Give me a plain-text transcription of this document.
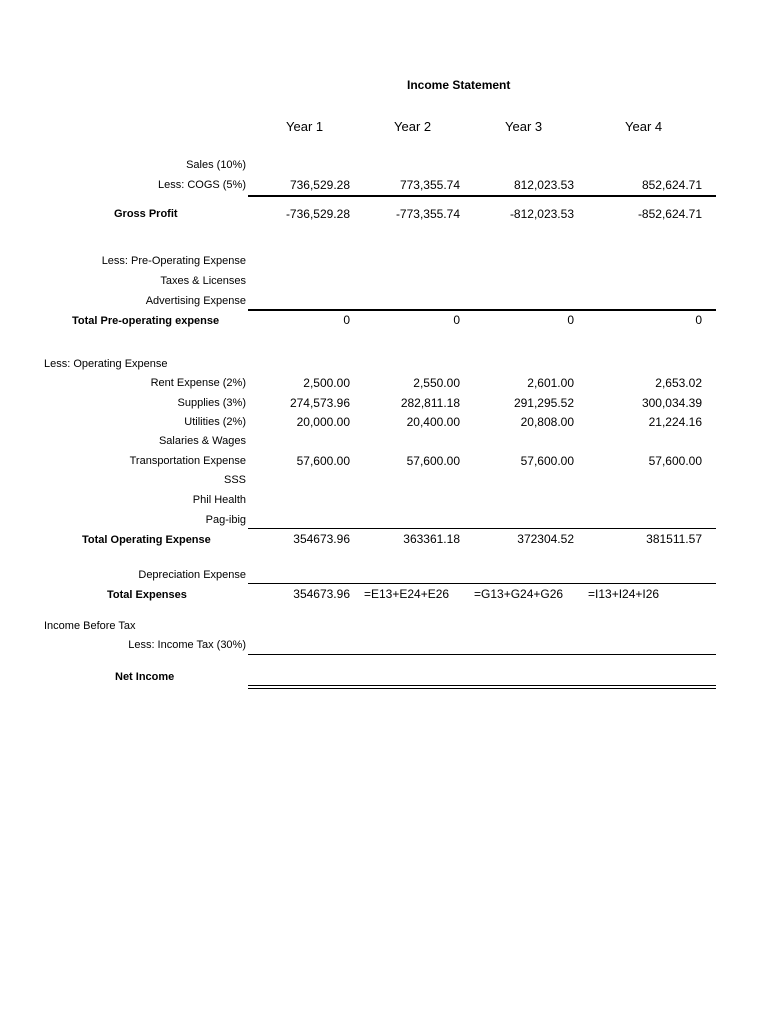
Income Statement
Year 1	Year 2	Year 3	Year 4
Sales (10%)
Less: COGS (5%)	736,529.28	773,355.74	812,023.53	852,624.71
Gross Profit	-736,529.28	-773,355.74	-812,023.53	-852,624.71
Less: Pre-Operating Expense
Taxes & Licenses
Advertising Expense
Total Pre-operating expense	0	0	0	0
Less: Operating Expense
Rent Expense (2%)	2,500.00	2,550.00	2,601.00	2,653.02
Supplies (3%)	274,573.96	282,811.18	291,295.52	300,034.39
Utilities (2%)	20,000.00	20,400.00	20,808.00	21,224.16
Salaries & Wages
Transportation Expense	57,600.00	57,600.00	57,600.00	57,600.00
SSS
Phil Health
Pag-ibig
Total Operating Expense	354673.96	363361.18	372304.52	381511.57
Depreciation Expense
Total Expenses	354673.96 =E13+E24+E26 =G13+G24+G26 =I13+I24+I26
Income Before Tax
Less: Income Tax (30%)
Net Income
